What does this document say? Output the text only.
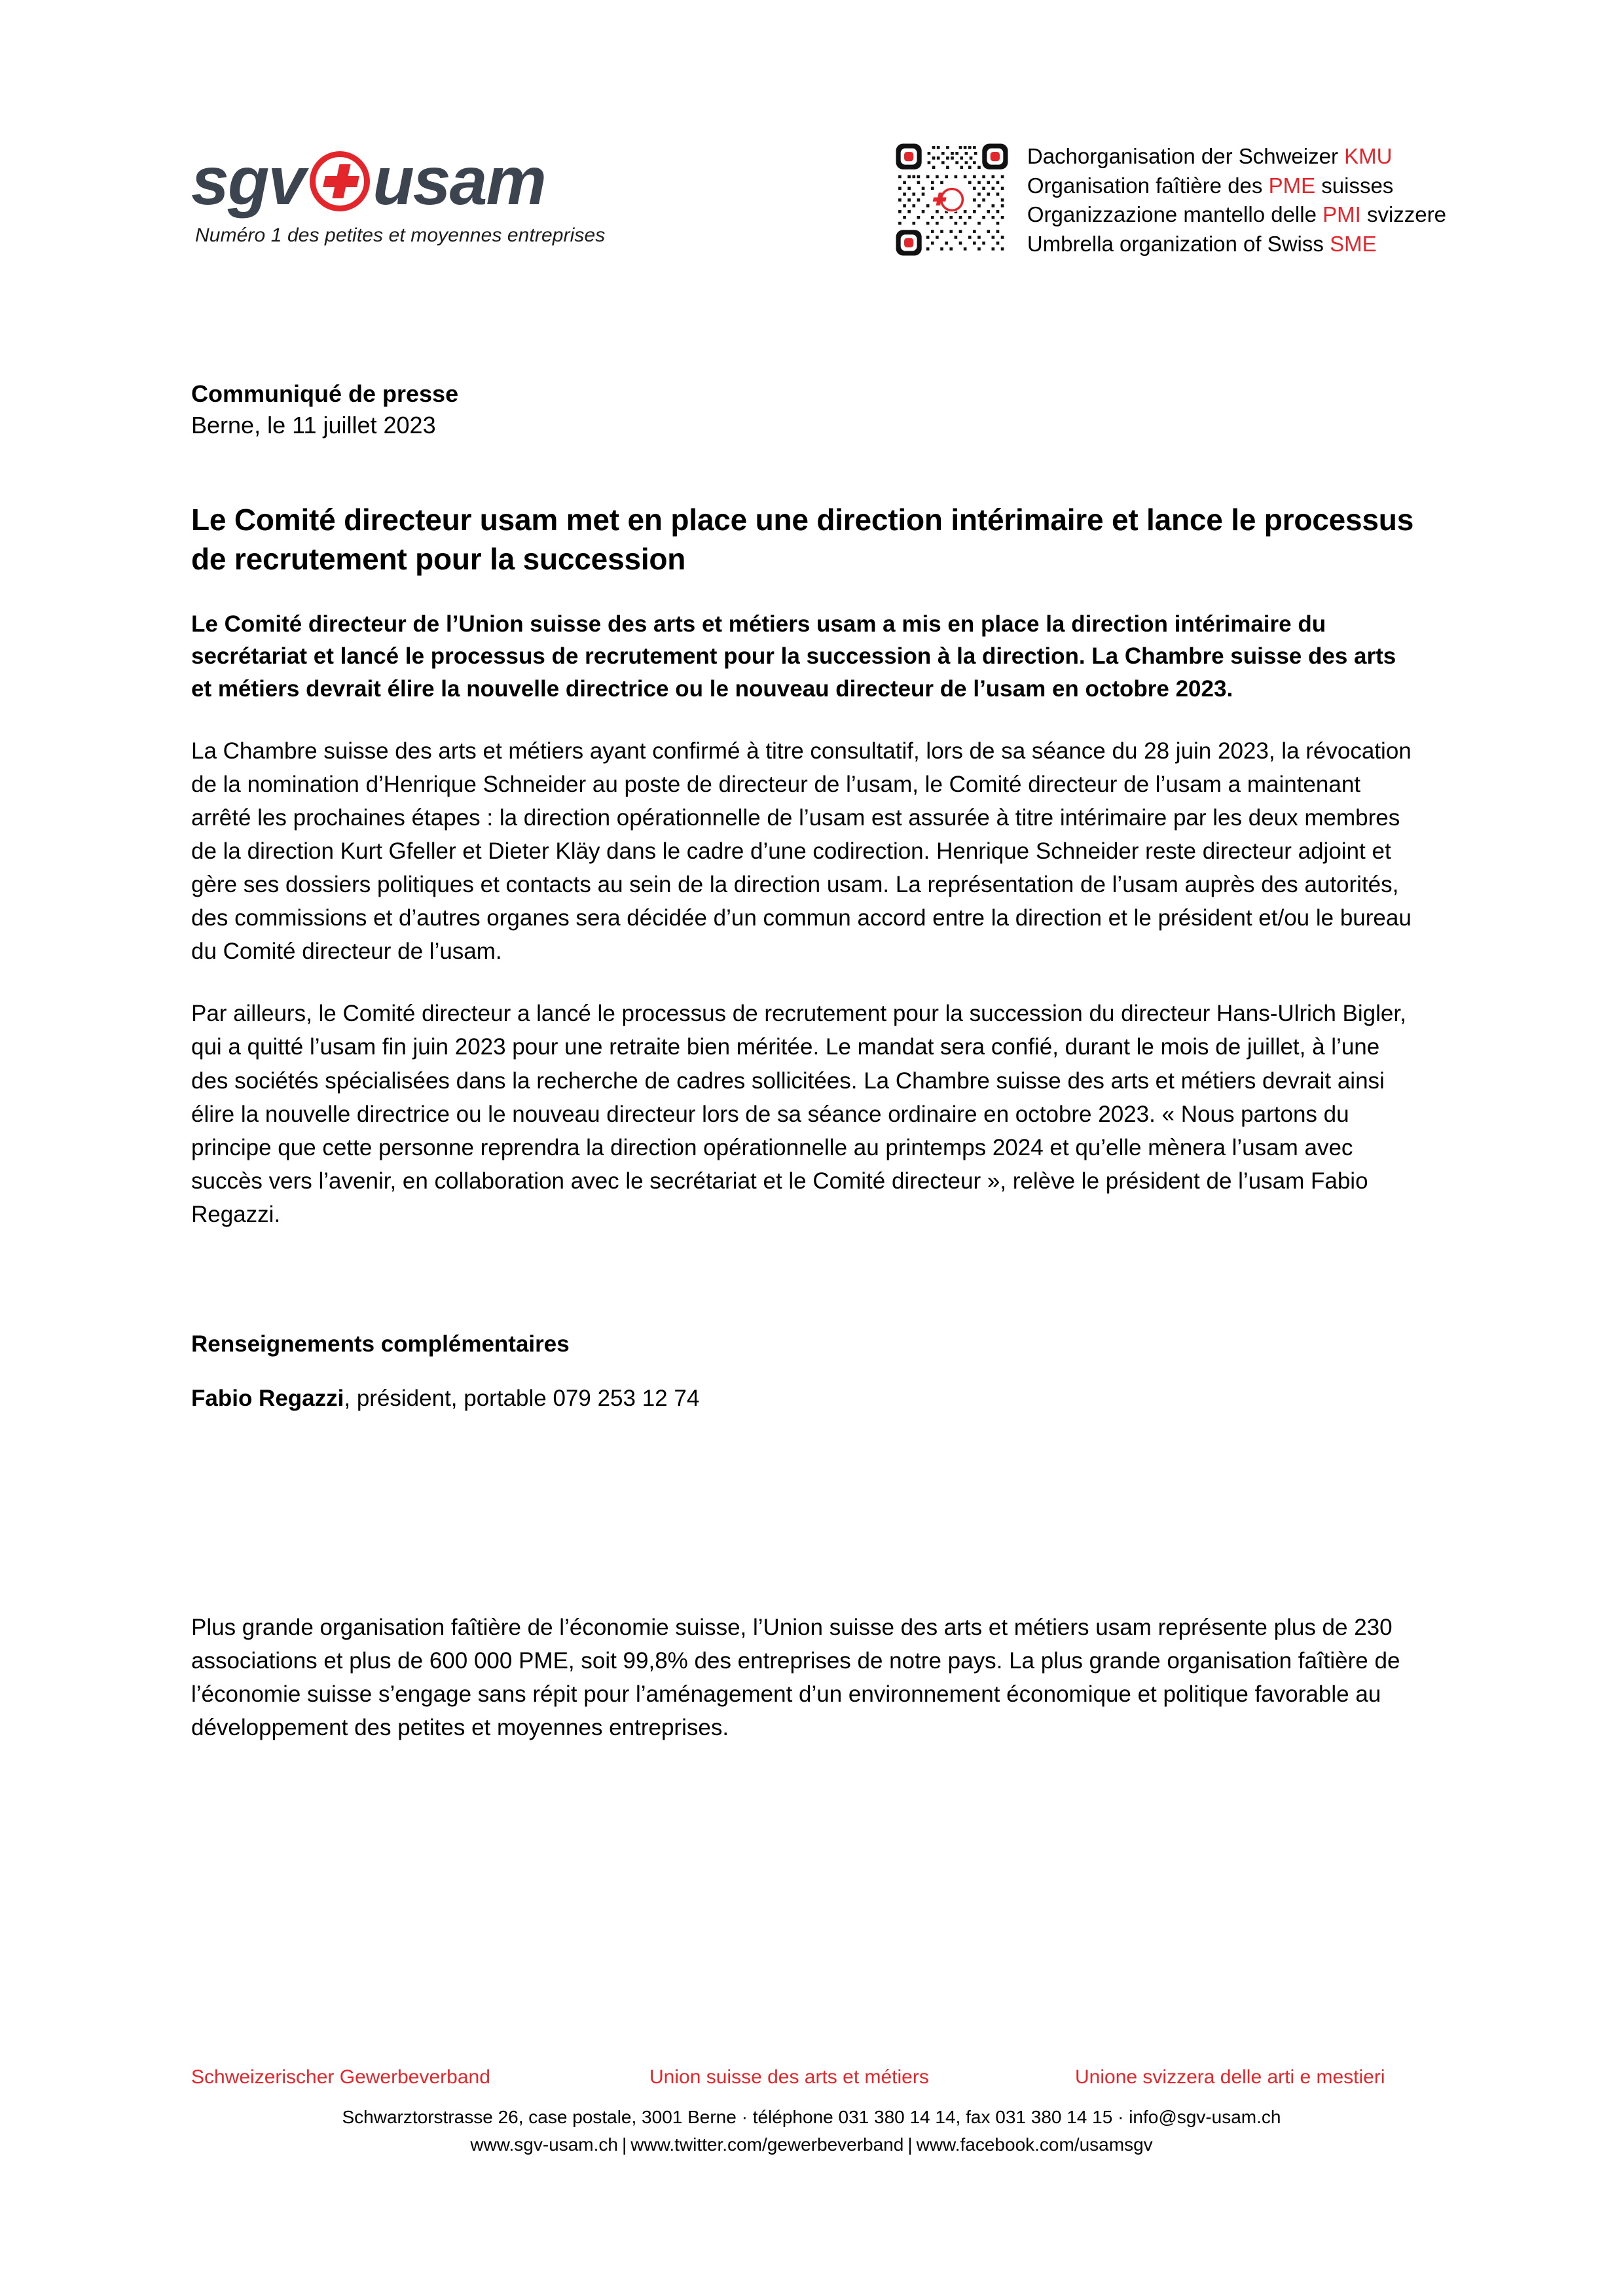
sgv usam
Numéro 1 des petites et moyennes entreprises
Dachorganisation der Schweizer KMU
Organisation faîtière des PME suisses
Organizzazione mantello delle PMI svizzere
Umbrella organization of Swiss SME
Communiqué de presse
Berne, le 11 juillet 2023
Le Comité directeur usam met en place une direction intérimaire et lance le processus de recrutement pour la succession

Le Comité directeur de l’Union suisse des arts et métiers usam a mis en place la direction intérimaire du secrétariat et lancé le processus de recrutement pour la succession à la direction. La Chambre suisse des arts et métiers devrait élire la nouvelle directrice ou le nouveau directeur de l’usam en octobre 2023.

La Chambre suisse des arts et métiers ayant confirmé à titre consultatif, lors de sa séance du 28 juin 2023, la révocation de la nomination d’Henrique Schneider au poste de directeur de l’usam, le Comité directeur de l’usam a maintenant arrêté les prochaines étapes : la direction opérationnelle de l’usam est assurée à titre intérimaire par les deux membres de la direction Kurt Gfeller et Dieter Kläy dans le cadre d’une codirection. Henrique Schneider reste directeur adjoint et gère ses dossiers politiques et contacts au sein de la direction usam. La représentation de l’usam auprès des autorités, des commissions et d’autres organes sera décidée d’un commun accord entre la direction et le président et/ou le bureau du Comité directeur de l’usam.

Par ailleurs, le Comité directeur a lancé le processus de recrutement pour la succession du directeur Hans-Ulrich Bigler, qui a quitté l’usam fin juin 2023 pour une retraite bien méritée. Le mandat sera confié, durant le mois de juillet, à l’une des sociétés spécialisées dans la recherche de cadres sollicitées. La Chambre suisse des arts et métiers devrait ainsi élire la nouvelle directrice ou le nouveau directeur lors de sa séance ordinaire en octobre 2023. « Nous partons du principe que cette personne reprendra la direction opérationnelle au printemps 2024 et qu’elle mènera l’usam avec succès vers l’avenir, en collaboration avec le secrétariat et le Comité directeur », relève le président de l’usam Fabio Regazzi.

Renseignements complémentaires
Fabio Regazzi, président, portable 079 253 12 74

Plus grande organisation faîtière de l’économie suisse, l’Union suisse des arts et métiers usam représente plus de 230 associations et plus de 600 000 PME, soit 99,8% des entreprises de notre pays. La plus grande organisation faîtière de l’économie suisse s’engage sans répit pour l’aménagement d’un environnement économique et politique favorable au développement des petites et moyennes entreprises.

Schweizerischer Gewerbeverband	Union suisse des arts et métiers	Unione svizzera delle arti e mestieri
Schwarztorstrasse 26, case postale, 3001 Berne · téléphone 031 380 14 14, fax 031 380 14 15 · info@sgv-usam.ch
www.sgv-usam.ch | www.twitter.com/gewerbeverband | www.facebook.com/usamsgv
